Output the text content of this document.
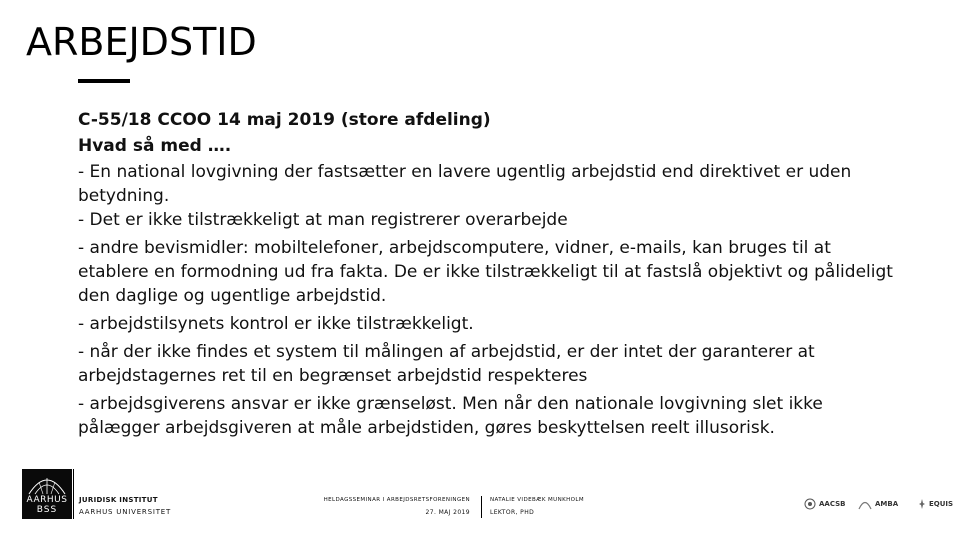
ARBEJDSTID

C-55/18 CCOO 14 maj 2019 (store afdeling)

Hvad så med ….

- En national lovgivning der fastsætter en lavere ugentlig arbejdstid end direktivet er uden betydning.

- Det er ikke tilstrækkeligt at man registrerer overarbejde

- andre bevismidler: mobiltelefoner, arbejdscomputere, vidner, e-mails, kan bruges til at etablere en formodning ud fra fakta. De er ikke tilstrækkeligt til at fastslå objektivt og pålideligt den daglige og ugentlige arbejdstid.

- arbejdstilsynets kontrol er ikke tilstrækkeligt.

- når der ikke findes et system til målingen af arbejdstid, er der intet der garanterer at arbejdstagernes ret til en begrænset arbejdstid respekteres

- arbejdsgiverens ansvar er ikke grænseløst. Men når den nationale lovgivning slet ikke pålægger arbejdsgiveren at måle arbejdstiden, gøres beskyttelsen reelt illusorisk.

AARHUS
BSS
JURIDISK INSTITUT
AARHUS UNIVERSITET
HELDAGSSEMINAR I ARBEJDSRETSFORENINGEN
27. MAJ 2019
NATALIE VIDEBÆK MUNKHOLM
LEKTOR, PHD
AACSB	AMBA	EQUIS
